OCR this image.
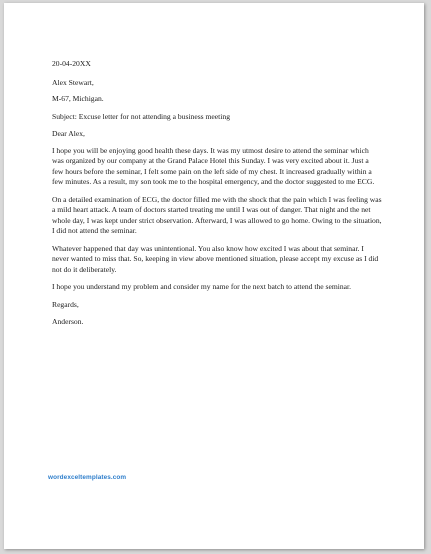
20-04-20XX

Alex Stewart,

M-67, Michigan.

Subject: Excuse letter for not attending a business meeting

Dear Alex,

I hope you will be enjoying good health these days. It was my utmost desire to attend the seminar which was organized by our company at the Grand Palace Hotel this Sunday. I was very excited about it. Just a few hours before the seminar, I felt some pain on the left side of my chest. It increased gradually within a few minutes. As a result, my son took me to the hospital emergency, and the doctor suggested to me ECG.

On a detailed examination of ECG, the doctor filled me with the shock that the pain which I was feeling was a mild heart attack. A team of doctors started treating me until I was out of danger. That night and the net whole day, I was kept under strict observation. Afterward, I was allowed to go home. Owing to the situation, I did not attend the seminar.

Whatever happened that day was unintentional. You also know how excited I was about that seminar. I never wanted to miss that. So, keeping in view above mentioned situation, please accept my excuse as I did not do it deliberately.

I hope you understand my problem and consider my name for the next batch to attend the seminar.

Regards,

Anderson.

wordexceltemplates.com
